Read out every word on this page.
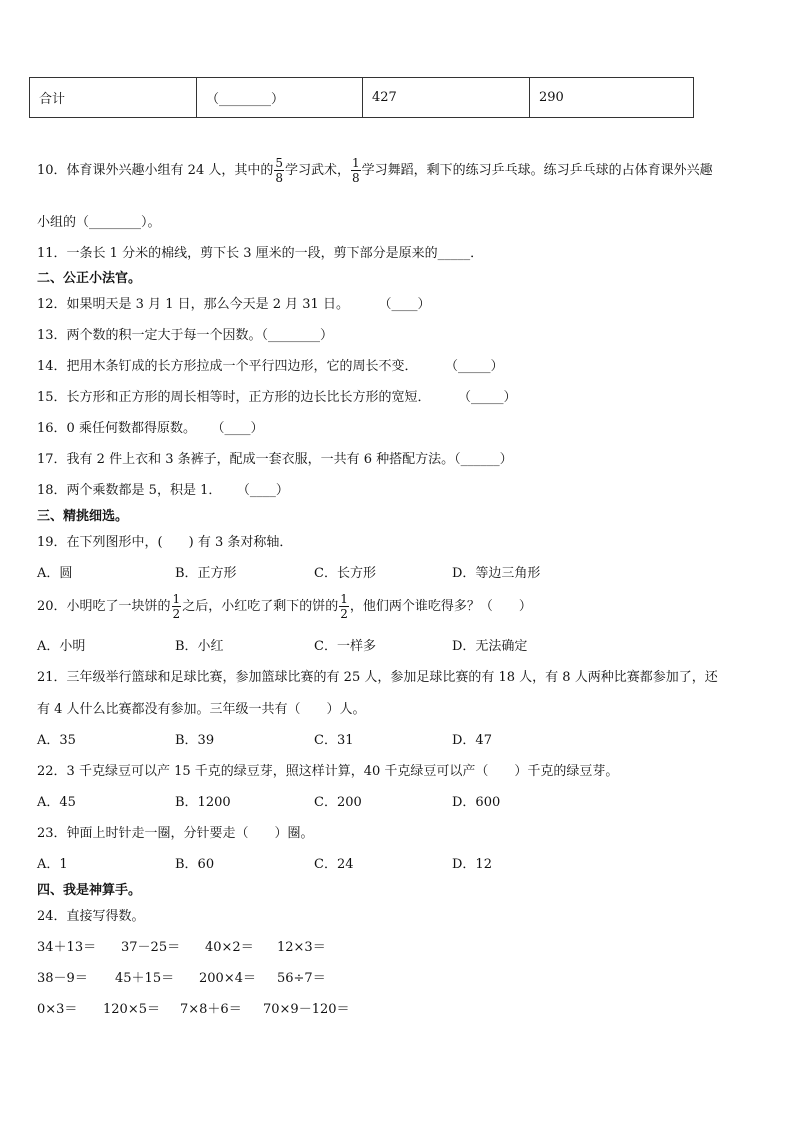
合计	（________）	427	290
10．体育课外兴趣小组有 24 人，其中的 $\frac{5}{8}$ 学习武术， $\frac{1}{8}$ 学习舞蹈，剩下的练习乒乓球。练习乒乓球的占体育课外兴趣
小组的（________）。
11．一条长 1 分米的棉线，剪下长 3 厘米的一段，剪下部分是原来的_____．
二、公正小法官。
12．如果明天是 3 月 1 日，那么今天是 2 月 31 日。	（____）
13．两个数的积一定大于每一个因数。（________）
14．把用木条钉成的长方形拉成一个平行四边形，它的周长不变．	（_____）
15．长方形和正方形的周长相等时，正方形的边长比长方形的宽短．	（_____）
16．0 乘任何数都得原数。 （____）
17．我有 2 件上衣和 3 条裤子，配成一套衣服，一共有 6 种搭配方法。（______）
18．两个乘数都是 5，积是 1． （____）
三、精挑细选。
19．在下列图形中，(　　) 有 3 条对称轴．
A．圆	B．正方形	C．长方形	D．等边三角形
20．小明吃了一块饼的 $\frac{1}{2}$ 之后，小红吃了剩下的饼的 $\frac{1}{2}$ ，他们两个谁吃得多？（　　）
A．小明	B．小红	C．一样多	D．无法确定
21．三年级举行篮球和足球比赛，参加篮球比赛的有 25 人，参加足球比赛的有 18 人，有 8 人两种比赛都参加了，还
有 4 人什么比赛都没有参加。三年级一共有（　　）人。
A．35	B．39	C．31	D．47
22．3 千克绿豆可以产 15 千克的绿豆芽，照这样计算，40 千克绿豆可以产（　　）千克的绿豆芽。
A．45	B．1200	C．200	D．600
23．钟面上时针走一圈，分针要走（　　）圈。
A．1	B．60	C．24	D．12
四、我是神算手。
24．直接写得数。
34＋13＝ 37－25＝ 40×2＝ 12×3＝
38－9＝ 45＋15＝ 200×4＝ 56÷7＝
0×3＝ 120×5＝ 7×8＋6＝ 70×9－120＝
